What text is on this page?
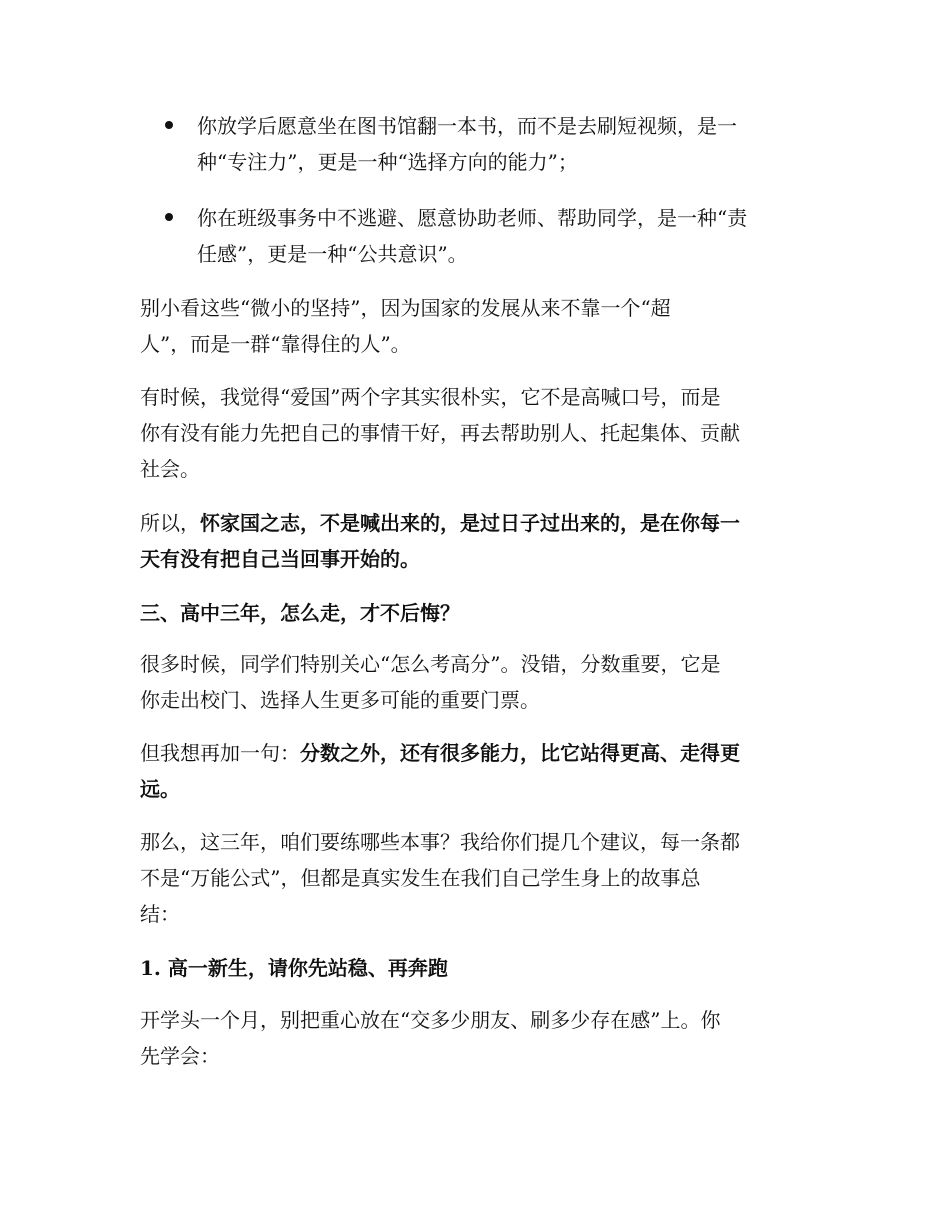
你放学后愿意坐在图书馆翻一本书，而不是去刷短视频，是一
种“专注力”，更是一种“选择方向的能力”；
你在班级事务中不逃避、愿意协助老师、帮助同学，是一种“责
任感”，更是一种“公共意识”。
别小看这些“微小的坚持”，因为国家的发展从来不靠一个“超
人”，而是一群“靠得住的人”。
有时候，我觉得“爱国”两个字其实很朴实，它不是高喊口号，而是
你有没有能力先把自己的事情干好，再去帮助别人、托起集体、贡献
社会。
所以，怀家国之志，不是喊出来的，是过日子过出来的，是在你每一
天有没有把自己当回事开始的。
三、高中三年，怎么走，才不后悔？
很多时候，同学们特别关心“怎么考高分”。没错，分数重要，它是
你走出校门、选择人生更多可能的重要门票。
但我想再加一句：分数之外，还有很多能力，比它站得更高、走得更
远。
那么，这三年，咱们要练哪些本事？我给你们提几个建议，每一条都
不是“万能公式”，但都是真实发生在我们自己学生身上的故事总
结：
1. 高一新生，请你先站稳、再奔跑
开学头一个月，别把重心放在“交多少朋友、刷多少存在感”上。你
先学会：
